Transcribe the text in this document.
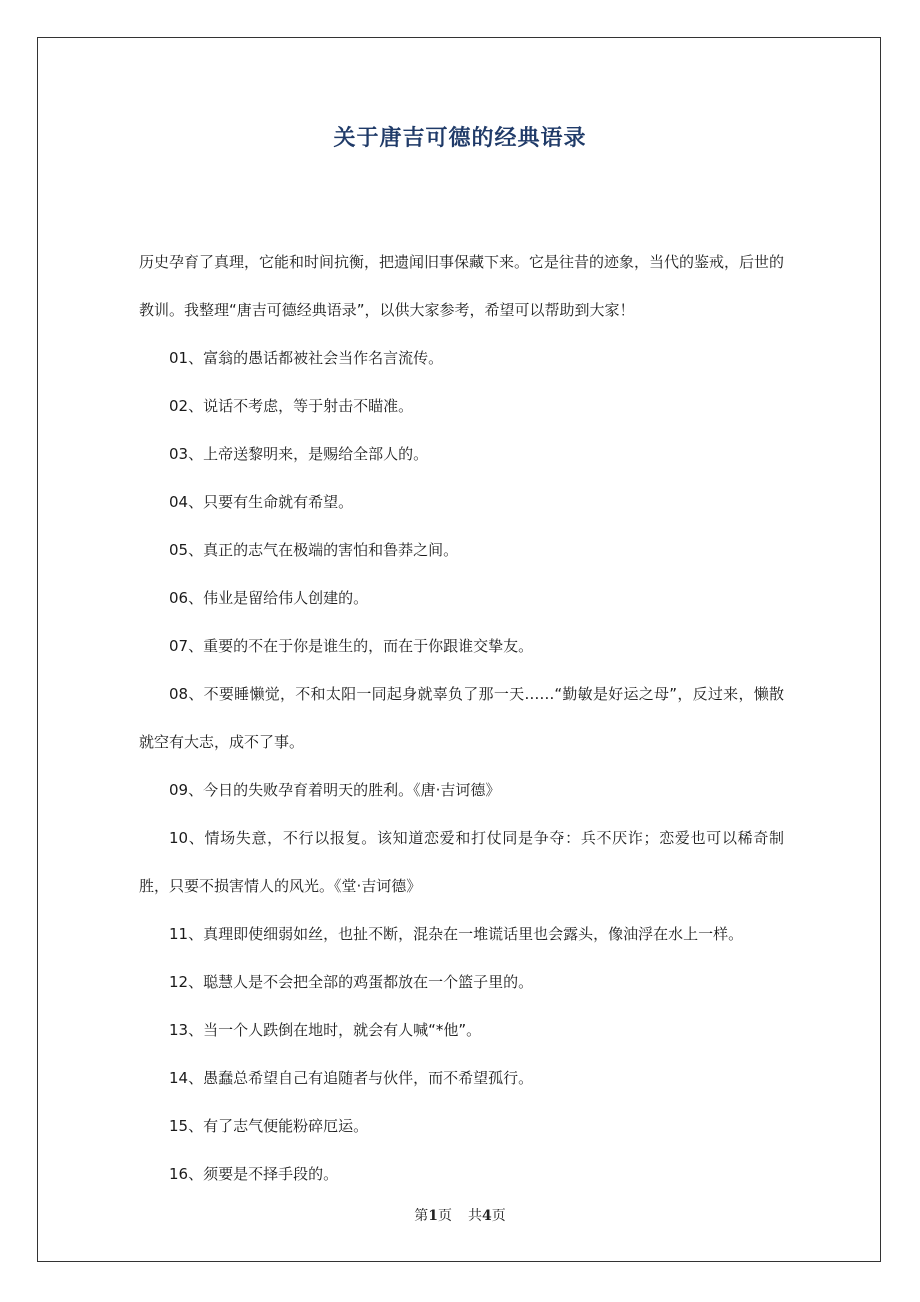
关于唐吉可德的经典语录

历史孕育了真理，它能和时间抗衡，把遗闻旧事保藏下来。它是往昔的迹象，当代的鉴戒，后世的教训。我整理“唐吉可德经典语录”，以供大家参考，希望可以帮助到大家！

01、富翁的愚话都被社会当作名言流传。

02、说话不考虑，等于射击不瞄准。

03、上帝送黎明来，是赐给全部人的。

04、只要有生命就有希望。

05、真正的志气在极端的害怕和鲁莽之间。

06、伟业是留给伟人创建的。

07、重要的不在于你是谁生的，而在于你跟谁交挚友。

08、不要睡懒觉，不和太阳一同起身就辜负了那一天……“勤敏是好运之母”，反过来，懒散就空有大志，成不了事。

09、今日的失败孕育着明天的胜利。《唐·吉诃德》

10、情场失意，不行以报复。该知道恋爱和打仗同是争夺：兵不厌诈；恋爱也可以稀奇制胜，只要不损害情人的风光。《堂·吉诃德》

11、真理即使细弱如丝，也扯不断，混杂在一堆谎话里也会露头，像油浮在水上一样。

12、聪慧人是不会把全部的鸡蛋都放在一个篮子里的。

13、当一个人跌倒在地时，就会有人喊“*他”。

14、愚蠢总希望自己有追随者与伙伴，而不希望孤行。

15、有了志气便能粉碎厄运。

16、须要是不择手段的。

第1页 共4页
